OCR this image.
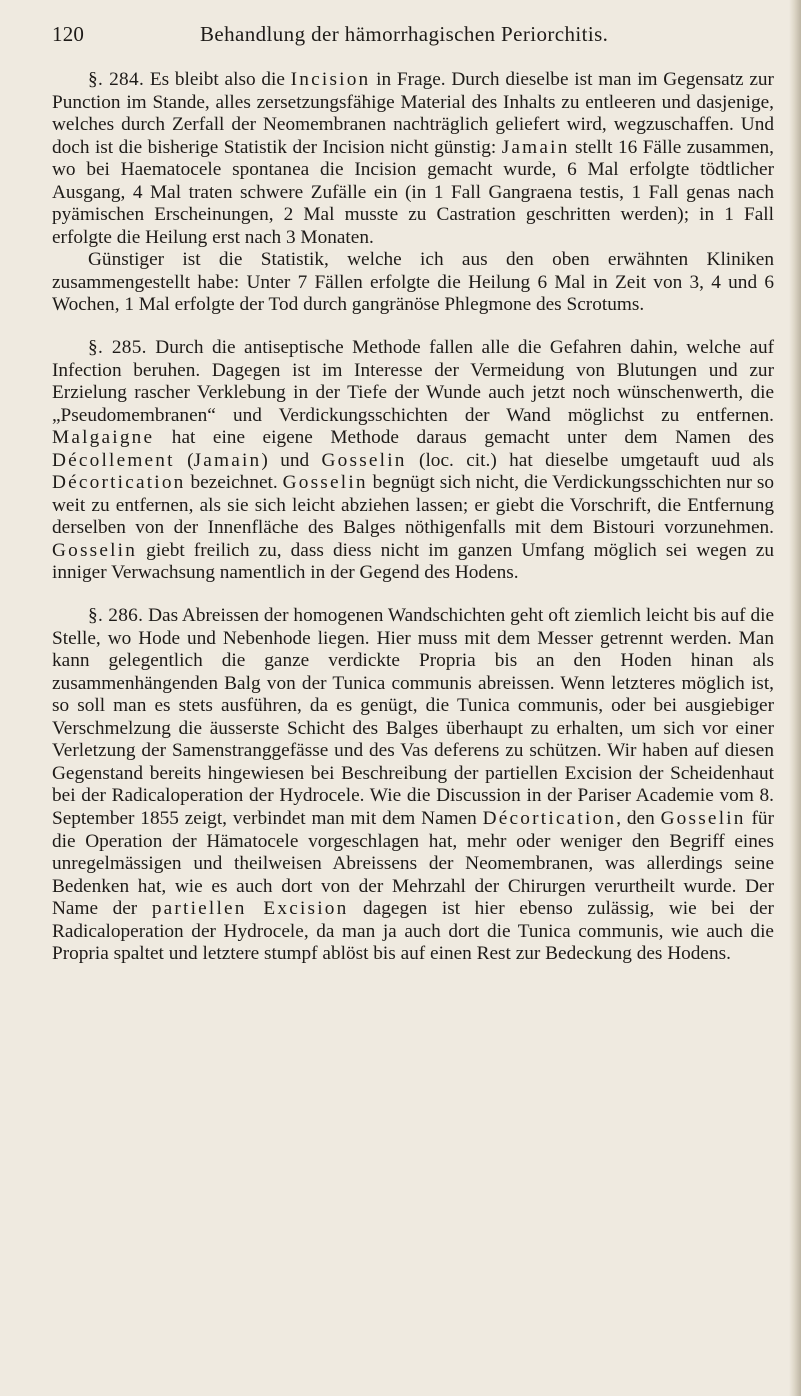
120	Behandlung der hämorrhagischen Periorchitis.

§. 284. Es bleibt also die Incision in Frage. Durch dieselbe ist man im Gegensatz zur Punction im Stande, alles zersetzungsfähige Material des Inhalts zu entleeren und dasjenige, welches durch Zerfall der Neomembranen nachträglich geliefert wird, wegzuschaffen. Und doch ist die bisherige Statistik der Incision nicht günstig: Jamain stellt 16 Fälle zusammen, wo bei Haematocele spontanea die Incision gemacht wurde, 6 Mal erfolgte tödtlicher Ausgang, 4 Mal traten schwere Zufälle ein (in 1 Fall Gangraena testis, 1 Fall genas nach pyämischen Erscheinungen, 2 Mal musste zu Castration geschritten werden); in 1 Fall erfolgte die Heilung erst nach 3 Monaten.

Günstiger ist die Statistik, welche ich aus den oben erwähnten Kliniken zusammengestellt habe: Unter 7 Fällen erfolgte die Heilung 6 Mal in Zeit von 3, 4 und 6 Wochen, 1 Mal erfolgte der Tod durch gangränöse Phlegmone des Scrotums.

§. 285. Durch die antiseptische Methode fallen alle die Gefahren dahin, welche auf Infection beruhen. Dagegen ist im Interesse der Vermeidung von Blutungen und zur Erzielung rascher Verklebung in der Tiefe der Wunde auch jetzt noch wünschenwerth, die „Pseudomembranen“ und Verdickungsschichten der Wand möglichst zu entfernen. Malgaigne hat eine eigene Methode daraus gemacht unter dem Namen des Décollement (Jamain) und Gosselin (loc. cit.) hat dieselbe umgetauft uud als Décortication bezeichnet. Gosselin begnügt sich nicht, die Verdickungsschichten nur so weit zu entfernen, als sie sich leicht abziehen lassen; er giebt die Vorschrift, die Entfernung derselben von der Innenfläche des Balges nöthigenfalls mit dem Bistouri vorzunehmen. Gosselin giebt freilich zu, dass diess nicht im ganzen Umfang möglich sei wegen zu inniger Verwachsung namentlich in der Gegend des Hodens.

§. 286. Das Abreissen der homogenen Wandschichten geht oft ziemlich leicht bis auf die Stelle, wo Hode und Nebenhode liegen. Hier muss mit dem Messer getrennt werden. Man kann gelegentlich die ganze verdickte Propria bis an den Hoden hinan als zusammenhängenden Balg von der Tunica communis abreissen. Wenn letzteres möglich ist, so soll man es stets ausführen, da es genügt, die Tunica communis, oder bei ausgiebiger Verschmelzung die äusserste Schicht des Balges überhaupt zu erhalten, um sich vor einer Verletzung der Samenstranggefässe und des Vas deferens zu schützen. Wir haben auf diesen Gegenstand bereits hingewiesen bei Beschreibung der partiellen Excision der Scheidenhaut bei der Radicaloperation der Hydrocele. Wie die Discussion in der Pariser Academie vom 8. September 1855 zeigt, verbindet man mit dem Namen Décortication, den Gosselin für die Operation der Hämatocele vorgeschlagen hat, mehr oder weniger den Begriff eines unregelmässigen und theilweisen Abreissens der Neomembranen, was allerdings seine Bedenken hat, wie es auch dort von der Mehrzahl der Chirurgen verurtheilt wurde. Der Name der partiellen Excision dagegen ist hier ebenso zulässig, wie bei der Radicaloperation der Hydrocele, da man ja auch dort die Tunica communis, wie auch die Propria spaltet und letztere stumpf ablöst bis auf einen Rest zur Bedeckung des Hodens.
